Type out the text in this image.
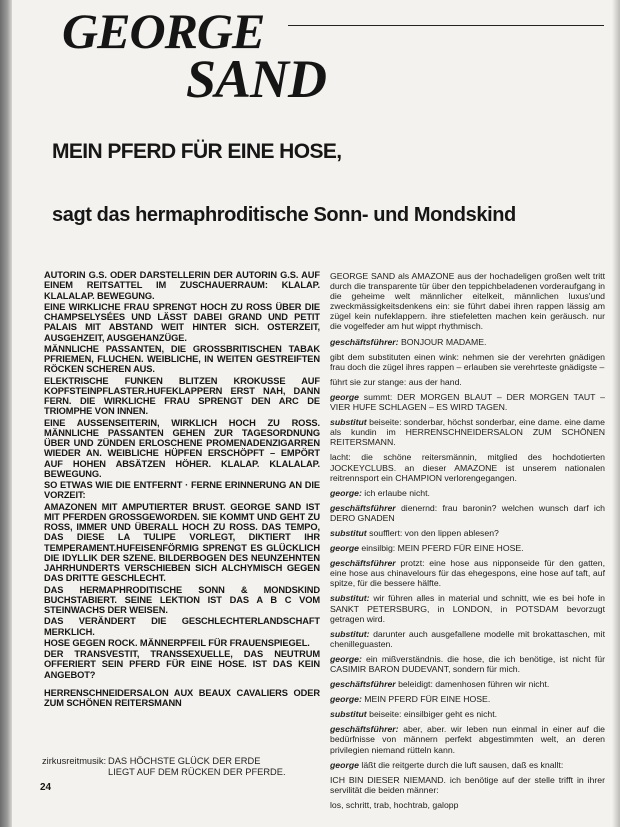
GEORGE
SAND
MEIN PFERD FÜR EINE HOSE,
sagt das hermaphroditische Sonn- und Mondskind

AUTORIN G.S. ODER DARSTELLERIN DER AUTORIN G.S. AUF EINEM REITSATTEL IM ZUSCHAUERRAUM: KLALAP. KLALALAP. BEWEGUNG.

EINE WIRKLICHE FRAU SPRENGT HOCH ZU ROSS ÜBER DIE CHAMPSELYSÉES UND LÄSST DABEI GRAND UND PETIT PALAIS MIT ABSTAND WEIT HINTER SICH. OSTERZEIT, AUSGEHZEIT, AUSGEHANZÜGE.

MÄNNLICHE PASSANTEN, DIE GROSSBRITISCHEN TABAK PFRIEMEN, FLUCHEN. WEIBLICHE, IN WEITEN GESTREIFTEN RÖCKEN SCHEREN AUS.

ELEKTRISCHE FUNKEN BLITZEN KROKUSSE AUF KOPFSTEINPFLASTER.HUFEKLAPPERN ERST NAH, DANN FERN. DIE WIRKLICHE FRAU SPRENGT DEN ARC DE TRIOMPHE VON INNEN.

EINE AUSSENSEITERIN, WIRKLICH HOCH ZU ROSS. MÄNNLICHE PASSANTEN GEHEN ZUR TAGESORDNUNG ÜBER UND ZÜNDEN ERLOSCHENE PROMENADENZIGARREN WIEDER AN. WEIBLICHE HÜPFEN ERSCHÖPFT – EMPÖRT AUF HOHEN ABSÄTZEN HÖHER. KLALAP. KLALALAP. BEWEGUNG.

SO ETWAS WIE DIE ENTFERNT · FERNE ERINNERUNG AN DIE VORZEIT:

AMAZONEN MIT AMPUTIERTER BRUST. GEORGE SAND IST MIT PFERDEN GROSSGEWORDEN. SIE KOMMT UND GEHT ZU ROSS, IMMER UND ÜBERALL HOCH ZU ROSS. DAS TEMPO, DAS DIESE LA TULIPE VORLEGT, DIKTIERT IHR TEMPERAMENT.HUFEISENFÖRMIG SPRENGT ES GLÜCKLICH DIE IDYLLIK DER SZENE. BILDERBOGEN DES NEUNZEHNTEN JAHRHUNDERTS VERSCHIEBEN SICH ALCHYMISCH GEGEN DAS DRITTE GESCHLECHT.

DAS HERMAPHRODITISCHE SONN & MONDSKIND BUCHSTABIERT. SEINE LEKTION IST DAS A B C VOM STEINWACHS DER WEISEN.

DAS VERÄNDERT DIE GESCHLECHTERLANDSCHAFT MERKLICH.

HOSE GEGEN ROCK. MÄNNERPFEIL FÜR FRAUENSPIEGEL.

DER TRANSVESTIT, TRANSSEXUELLE, DAS NEUTRUM OFFERIERT SEIN PFERD FÜR EINE HOSE. IST DAS KEIN ANGEBOT?

HERRENSCHNEIDERSALON AUX BEAUX CAVALIERS ODER ZUM SCHÖNEN REITERSMANN

zirkusreitmusik: DAS HÖCHSTE GLÜCK DER ERDE
LIEGT AUF DEM RÜCKEN DER PFERDE.
24

GEORGE SAND als AMAZONE aus der hochadeligen großen welt tritt durch die transparente tür über den teppichbeladenen vorderaufgang in die geheime welt männlicher eitelkeit, männlichen luxus'und zweckmässigkeitsdenkens ein: sie führt dabei ihren rappen lässig am zügel kein nufeklappern. ihre stiefeletten machen kein geräusch. nur die vogelfeder am hut wippt rhythmisch.

geschäftsführer: BONJOUR MADAME.

gibt dem substituten einen wink: nehmen sie der verehrten gnädigen frau doch die zügel ihres rappen – erlauben sie verehrteste gnädigste –

führt sie zur stange: aus der hand.

george summt: DER MORGEN BLAUT – DER MORGEN TAUT – VIER HUFE SCHLAGEN – ES WIRD TAGEN.

substitut beiseite: sonderbar, höchst sonderbar, eine dame. eine dame als kundin im HERRENSCHNEIDERSALON ZUM SCHÖNEN REITERSMANN.

lacht: die schöne reitersmännin, mitglied des hochdotierten JOCKEYCLUBS. an dieser AMAZONE ist unserem nationalen reitrennsport ein CHAMPION verlorengegangen.

george: ich erlaube nicht.

geschäftsführer dienernd: frau baronin? welchen wunsch darf ich DERO GNADEN

substitut soufflert: von den lippen ablesen?

george einsilbig: MEIN PFERD FÜR EINE HOSE.

geschäftsführer protzt: eine hose aus nipponseide für den gatten, eine hose aus chinavelours für das ehegespons, eine hose auf taft, auf spitze, für die bessere hälfte.

substitut: wir führen alles in material und schnitt, wie es bei hofe in SANKT PETERSBURG, in LONDON, in POTSDAM bevorzugt getragen wird.

substitut: darunter auch ausgefallene modelle mit brokattaschen, mit chenilleguasten.

george: ein mißverständnis. die hose, die ich benötige, ist nicht für CASIMIR BARON DUDEVANT, sondern für mich.

geschäftsführer beleidigt: damenhosen führen wir nicht.

george: MEIN PFERD FÜR EINE HOSE.

substitut beiseite: einsilbiger geht es nicht.

geschäftsführer: aber, aber. wir leben nun einmal in einer auf die bedürfnisse von männern perfekt abgestimmten welt, an deren privilegien niemand rütteln kann.

george läßt die reitgerte durch die luft sausen, daß es knallt:

ICH BIN DIESER NIEMAND. ich benötige auf der stelle trifft in ihrer servilität die beiden männer:

los, schritt, trab, hochtrab, galopp
